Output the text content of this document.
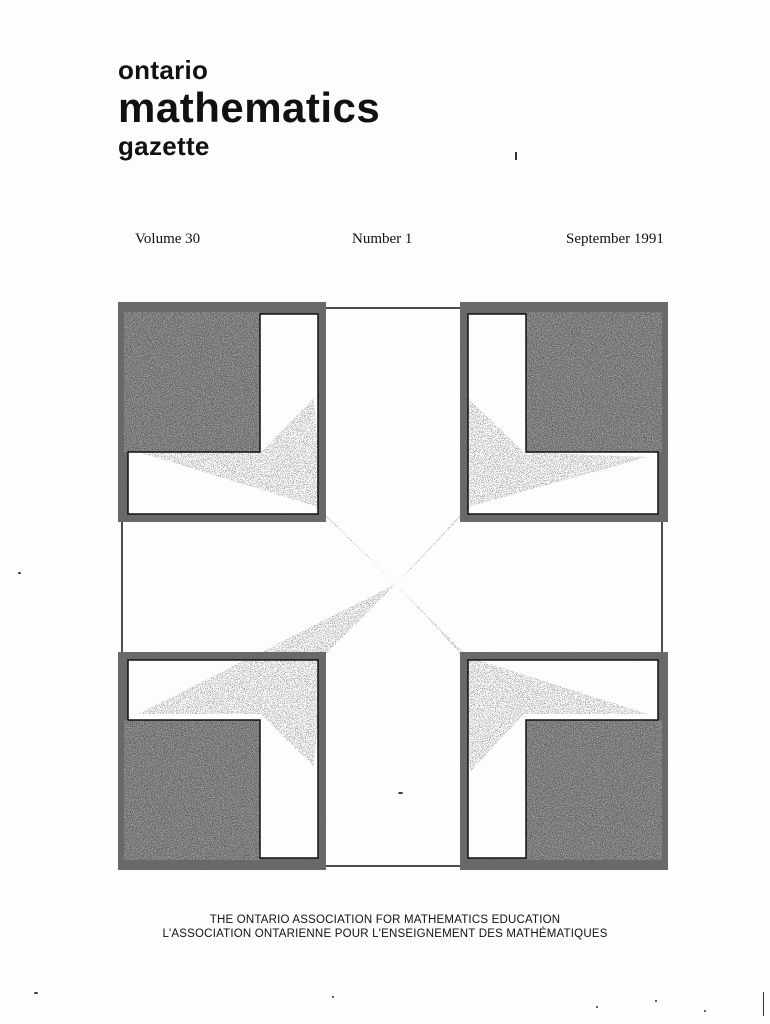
ontario
mathematics
gazette
Volume 30	Number 1	September 1991
THE ONTARIO ASSOCIATION FOR MATHEMATICS EDUCATION
L'ASSOCIATION ONTARIENNE POUR L'ENSEIGNEMENT DES MATHÉMATIQUES
